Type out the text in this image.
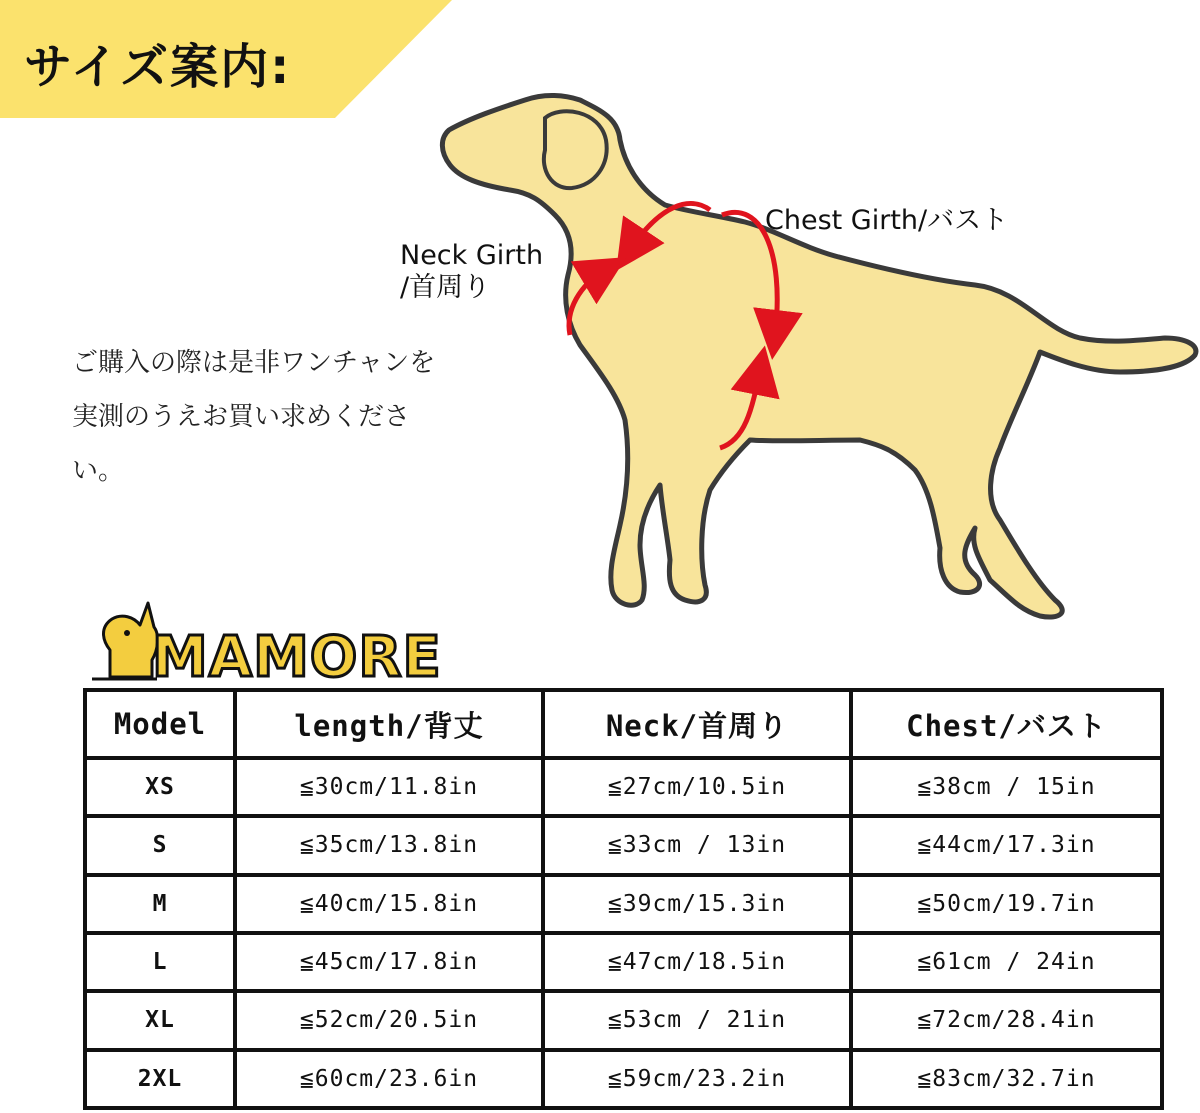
サイズ案内:
Neck Girth
/首周り
Chest Girth/バスト
ご購入の際は是非ワンチャンを実測のうえお買い求めください。
MAMORE
Model	length/背丈	Neck/首周り	Chest/バスト
XS	≦30cm/11.8in	≦27cm/10.5in	≦38cm / 15in
S	≦35cm/13.8in	≦33cm / 13in	≦44cm/17.3in
M	≦40cm/15.8in	≦39cm/15.3in	≦50cm/19.7in
L	≦45cm/17.8in	≦47cm/18.5in	≦61cm / 24in
XL	≦52cm/20.5in	≦53cm / 21in	≦72cm/28.4in
2XL	≦60cm/23.6in	≦59cm/23.2in	≦83cm/32.7in
